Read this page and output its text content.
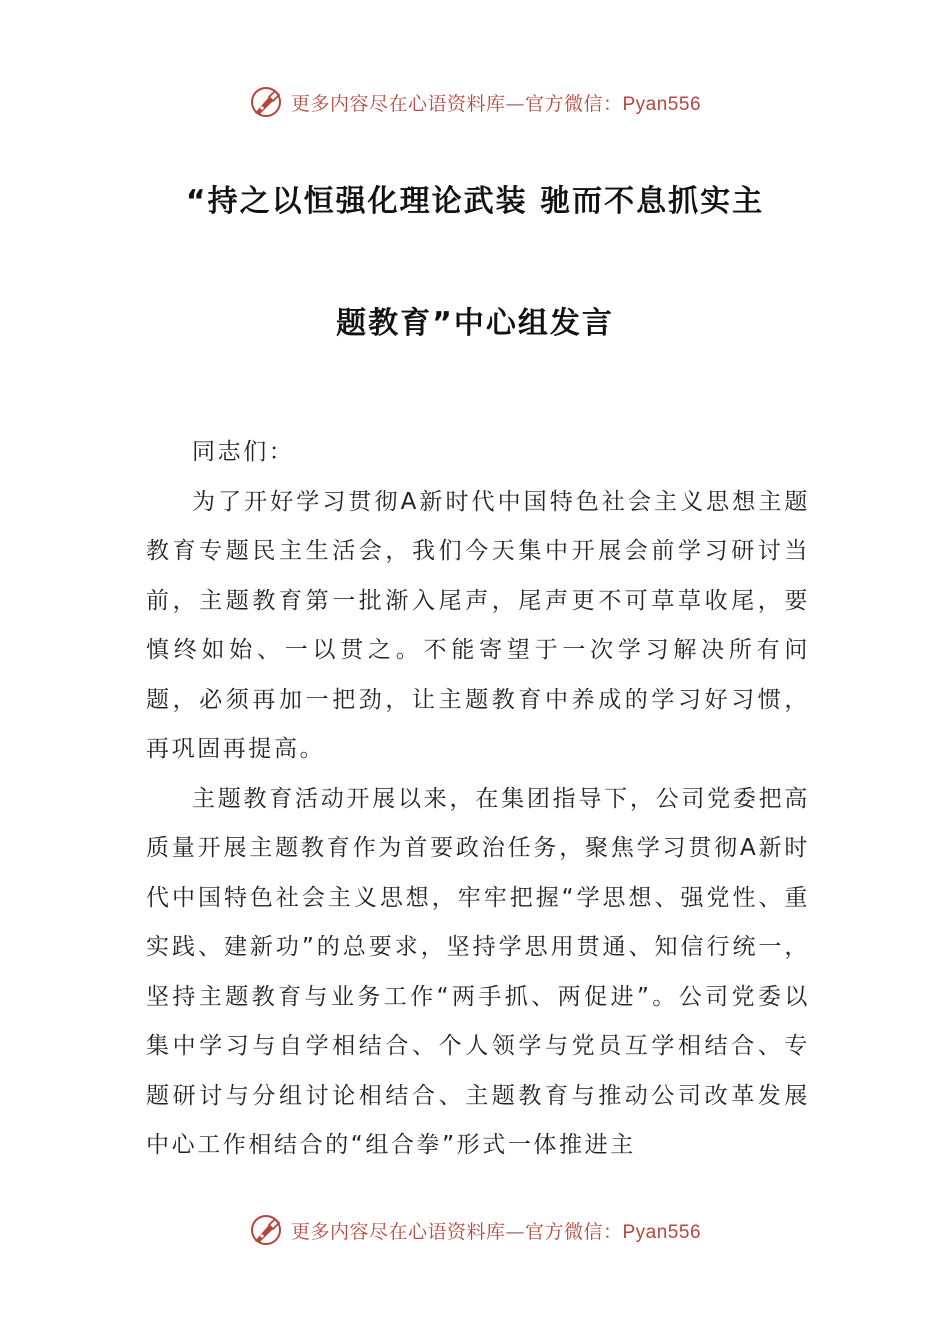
更多内容尽在心语资料库—官方微信：Pyan556
“持之以恒强化理论武装 驰而不息抓实主
题教育”中心组发言

同志们：

为了开好学习贯彻A新时代中国特色社会主义思想主题教育专题民主生活会，我们今天集中开展会前学习研讨当前，主题教育第一批渐入尾声，尾声更不可草草收尾，要慎终如始、一以贯之。不能寄望于一次学习解决所有问题，必须再加一把劲，让主题教育中养成的学习好习惯，再巩固再提高。

主题教育活动开展以来，在集团指导下，公司党委把高质量开展主题教育作为首要政治任务，聚焦学习贯彻A新时代中国特色社会主义思想，牢牢把握“学思想、强党性、重实践、建新功”的总要求，坚持学思用贯通、知信行统一，坚持主题教育与业务工作“两手抓、两促进”。公司党委以集中学习与自学相结合、个人领学与党员互学相结合、专题研讨与分组讨论相结合、主题教育与推动公司改革发展中心工作相结合的“组合拳”形式一体推进主

更多内容尽在心语资料库—官方微信：Pyan556
